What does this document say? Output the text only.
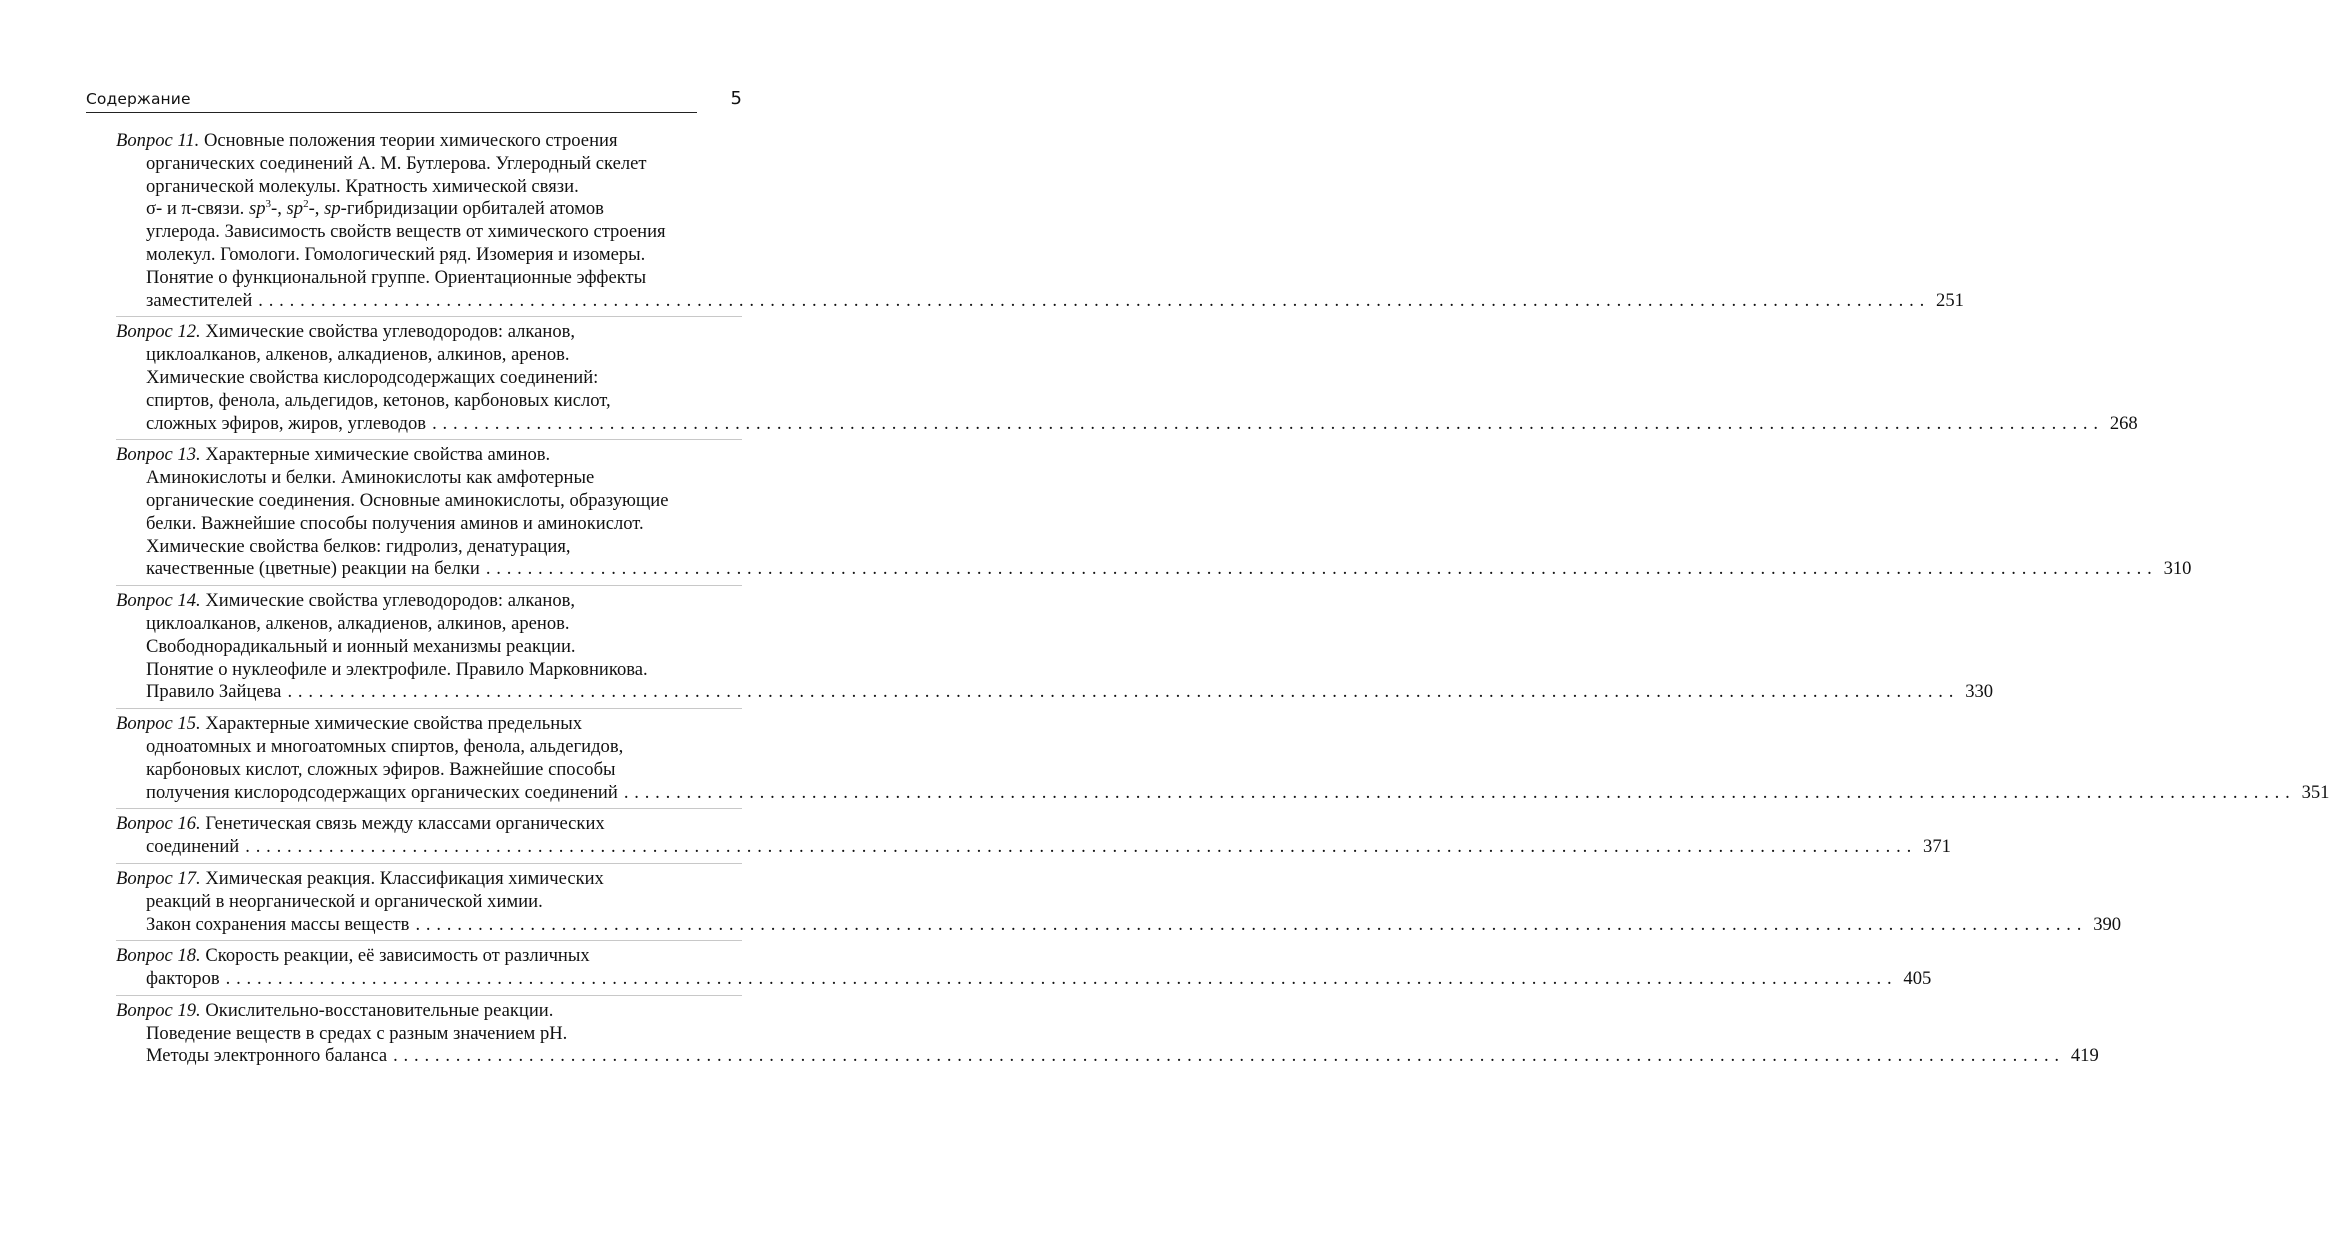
Содержание	5
Вопрос 11. Основные положения теории химического строения
органических соединений А. М. Бутлерова. Углеродный скелет
органической молекулы. Кратность химической связи.
σ- и π-связи. $sp^3-$, $sp^2-$, sp-гибридизации орбиталей атомов
углерода. Зависимость свойств веществ от химического строения
молекул. Гомологи. Гомологический ряд. Изомерия и изомеры.
Понятие о функциональной группе. Ориентационные эффекты
заместителей ................................................................................................................................................................ 251
Вопрос 12. Химические свойства углеводородов: алканов,
циклоалканов, алкенов, алкадиенов, алкинов, аренов.
Химические свойства кислородсодержащих соединений:
спиртов, фенола, альдегидов, кетонов, карбоновых кислот,
сложных эфиров, жиров, углеводов ................................................................................................................................................................ 268
Вопрос 13. Характерные химические свойства аминов.
Аминокислоты и белки. Аминокислоты как амфотерные
органические соединения. Основные аминокислоты, образующие
белки. Важнейшие способы получения аминов и аминокислот.
Химические свойства белков: гидролиз, денатурация,
качественные (цветные) реакции на белки ................................................................................................................................................................ 310
Вопрос 14. Химические свойства углеводородов: алканов,
циклоалканов, алкенов, алкадиенов, алкинов, аренов.
Свободнорадикальный и ионный механизмы реакции.
Понятие о нуклеофиле и электрофиле. Правило Марковникова.
Правило Зайцева ................................................................................................................................................................ 330
Вопрос 15. Характерные химические свойства предельных
одноатомных и многоатомных спиртов, фенола, альдегидов,
карбоновых кислот, сложных эфиров. Важнейшие способы
получения кислородсодержащих органических соединений ................................................................................................................................................................ 351
Вопрос 16. Генетическая связь между классами органических
соединений ................................................................................................................................................................ 371
Вопрос 17. Химическая реакция. Классификация химических
реакций в неорганической и органической химии.
Закон сохранения массы веществ ................................................................................................................................................................ 390
Вопрос 18. Скорость реакции, её зависимость от различных
факторов ................................................................................................................................................................ 405
Вопрос 19. Окислительно-восстановительные реакции.
Поведение веществ в средах с разным значением pH.
Методы электронного баланса ................................................................................................................................................................ 419
